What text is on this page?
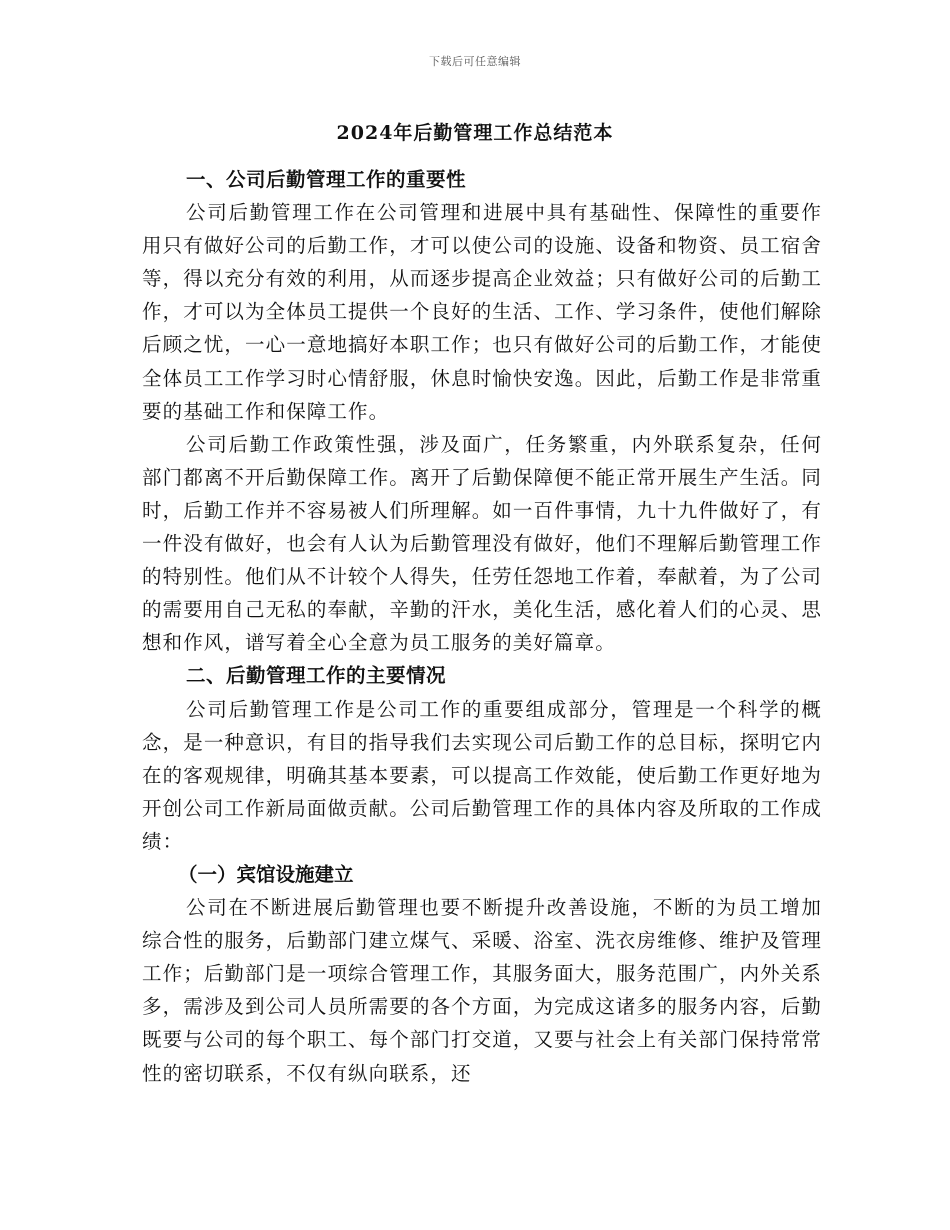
下载后可任意编辑
2024年后勤管理工作总结范本

一、公司后勤管理工作的重要性

公司后勤管理工作在公司管理和进展中具有基础性、保障性的重要作用只有做好公司的后勤工作，才可以使公司的设施、设备和物资、员工宿舍等，得以充分有效的利用，从而逐步提高企业效益；只有做好公司的后勤工作，才可以为全体员工提供一个良好的生活、工作、学习条件，使他们解除后顾之忧，一心一意地搞好本职工作；也只有做好公司的后勤工作，才能使全体员工工作学习时心情舒服，休息时愉快安逸。因此，后勤工作是非常重要的基础工作和保障工作。

公司后勤工作政策性强，涉及面广，任务繁重，内外联系复杂，任何部门都离不开后勤保障工作。离开了后勤保障便不能正常开展生产生活。同时，后勤工作并不容易被人们所理解。如一百件事情，九十九件做好了，有一件没有做好，也会有人认为后勤管理没有做好，他们不理解后勤管理工作的特别性。他们从不计较个人得失，任劳任怨地工作着，奉献着，为了公司的需要用自己无私的奉献，辛勤的汗水，美化生活，感化着人们的心灵、思想和作风，谱写着全心全意为员工服务的美好篇章。

二、后勤管理工作的主要情况

公司后勤管理工作是公司工作的重要组成部分，管理是一个科学的概念，是一种意识，有目的指导我们去实现公司后勤工作的总目标，探明它内在的客观规律，明确其基本要素，可以提高工作效能，使后勤工作更好地为开创公司工作新局面做贡献。公司后勤管理工作的具体内容及所取的工作成绩：

（一）宾馆设施建立

公司在不断进展后勤管理也要不断提升改善设施，不断的为员工增加综合性的服务，后勤部门建立煤气、采暖、浴室、洗衣房维修、维护及管理工作；后勤部门是一项综合管理工作，其服务面大，服务范围广，内外关系多，需涉及到公司人员所需要的各个方面，为完成这诸多的服务内容，后勤既要与公司的每个职工、每个部门打交道，又要与社会上有关部门保持常常性的密切联系，不仅有纵向联系，还
